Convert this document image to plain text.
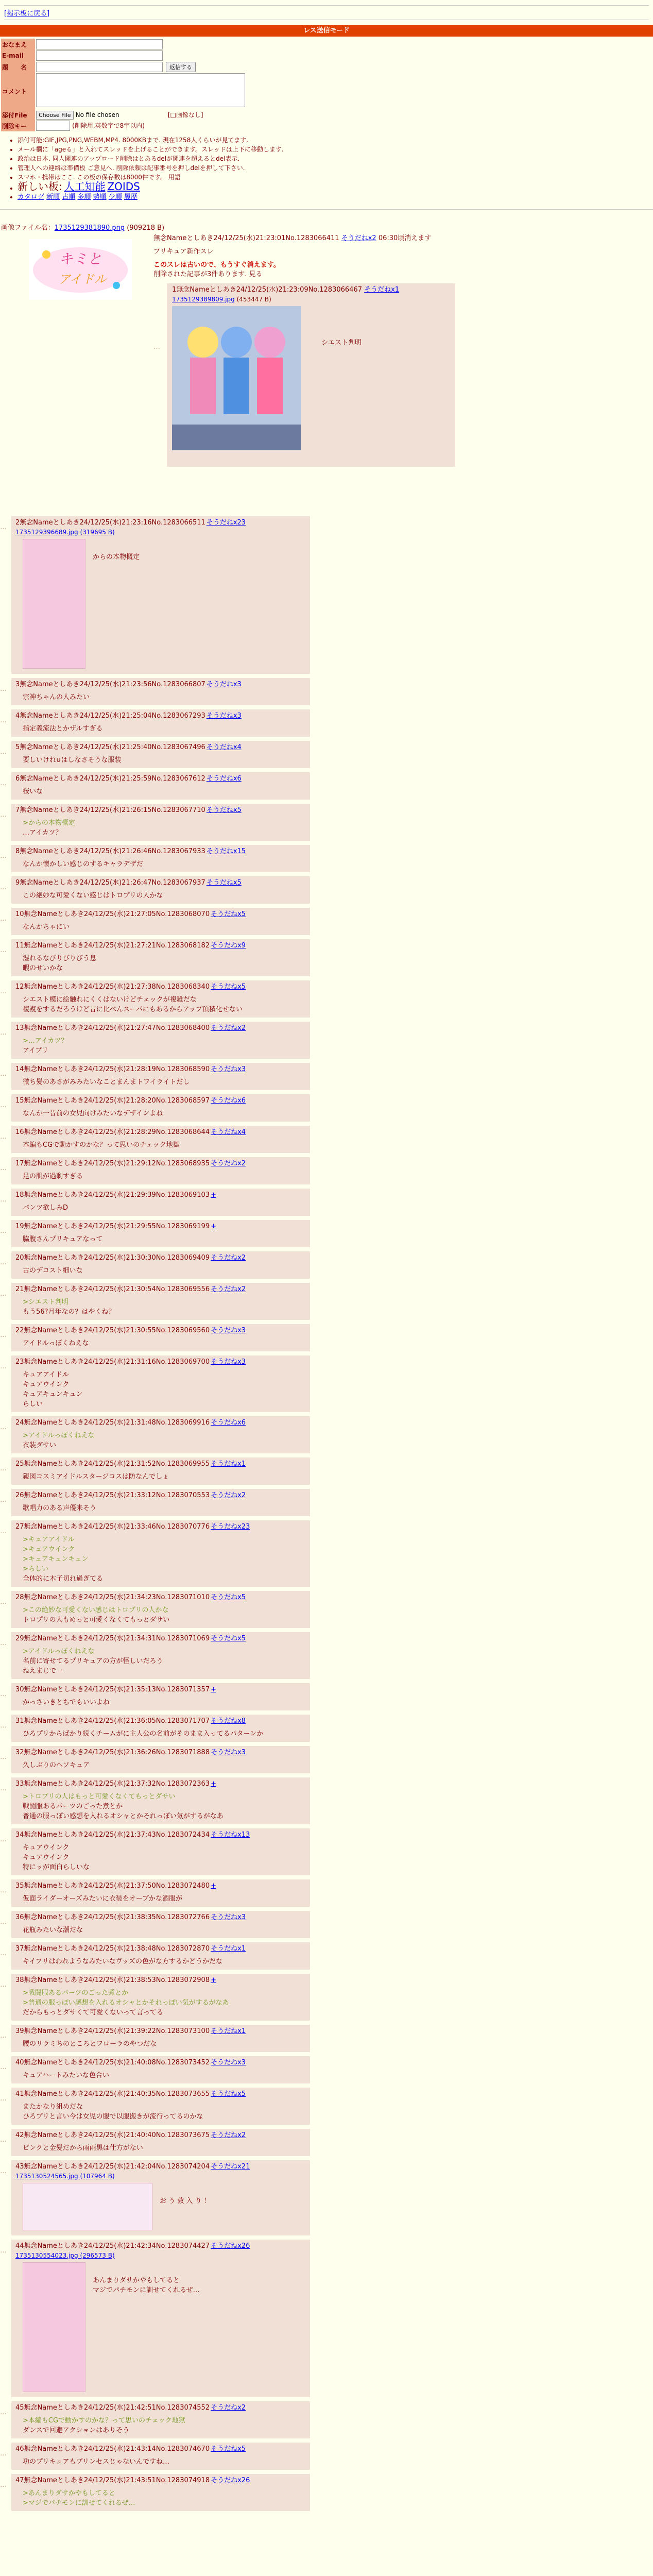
[掲示板に戻る]
レス送信モード
おなまえ	
E-mail	
題　　名	返信する
コメント	
添付File	Choose File No file chosen [□画像なし]
削除キー	(削除用.英数字で8字以内)
• 添付可能:GIF,JPG,PNG,WEBM,MP4. 8000KBまで. 現在1258人くらいが見てます.
• メール欄に「ageる」と入れてスレッドを上げることができます。スレッドは上下に移動します.
• 政治は日本. 同人関連のアップロード削除はとあるdelが関連を超えるとdel表示.
• 管理人への連絡は準備板 ご意見へ. 削除依頼は記事番号を押しdelを押して下さい.
• スマホ・携帯はここ. この板の保存数は8000件です。 用語
• 新しい板: 人工知能 ZOIDS
• カタログ 新順 古順 多順 勢順 少順 履歴
画像ファイル名：1735129381890.png (909218 B)
キミと
アイドル
無念Nameとしあき24/12/25(水)21:23:01No.1283066411 そうだねx2 06:30頃消えます
プリキュア新作スレ
このスレは古いので、もうすぐ消えます。
削除された記事が3件あります. 見る
…
1無念Nameとしあき24/12/25(水)21:23:09No.1283066467 そうだねx1
1735129389809.jpg (453447 B)
シエスト判明
…
2無念Nameとしあき24/12/25(水)21:23:16No.1283066511 そうだねx23
1735129396689.jpg (319695 B)
からの本物概定
…
3無念Nameとしあき24/12/25(水)21:23:56No.1283066807 そうだねx3
宗神ちゃんの人みたい
…
4無念Nameとしあき24/12/25(水)21:25:04No.1283067293 そうだねx3
指定義流法とかザルすぎる
…
5無念Nameとしあき24/12/25(水)21:25:40No.1283067496 そうだねx4
要しいけれ∪はしなさそうな服装
…
6無念Nameとしあき24/12/25(水)21:25:59No.1283067612 そうだねx6
桜いな
…
7無念Nameとしあき24/12/25(水)21:26:15No.1283067710 そうだねx5
>からの本物概定
…アイカツ？
…
8無念Nameとしあき24/12/25(水)21:26:46No.1283067933 そうだねx15
なんか懐かしい感じのするキャラデザだ
…
9無念Nameとしあき24/12/25(水)21:26:47No.1283067937 そうだねx5
この絶妙な可愛くない感じはトロプリの人かな
…
10無念Nameとしあき24/12/25(水)21:27:05No.1283068070 そうだねx5
なんかちゃにい
…
11無念Nameとしあき24/12/25(水)21:27:21No.1283068182 そうだねx9
湿れるなびりびりびう息
暇のせいかな
…
12無念Nameとしあき24/12/25(水)21:27:38No.1283068340 そうだねx5
シエスト模に絵触れにくくはないけどチェックが複雑だな
複複をするだろうけど昔に比べんスーパにもあるからアップ頂積化せない
…
13無念Nameとしあき24/12/25(水)21:27:47No.1283068400 そうだねx2
>…アイカツ？
アイプリ
…
14無念Nameとしあき24/12/25(水)21:28:19No.1283068590 そうだねx3
微ち髪のあさがみみたいなことまんまトワイライトだし
…
15無念Nameとしあき24/12/25(水)21:28:20No.1283068597 そうだねx6
なんか一昔前の女児向けみたいなデザインよね
…
16無念Nameとしあき24/12/25(水)21:28:29No.1283068644 そうだねx4
本編もCGで動かすのかな？って思いのチェック地獄
…
17無念Nameとしあき24/12/25(水)21:29:12No.1283068935 そうだねx2
足の肌が過剰すぎる
…
18無念Nameとしあき24/12/25(水)21:29:39No.1283069103 +
パンツ欲しみD
…
19無念Nameとしあき24/12/25(水)21:29:55No.1283069199 +
脇腹さんプリキュアなって
…
20無念Nameとしあき24/12/25(水)21:30:30No.1283069409 そうだねx2
古のデコスト細いな
…
21無念Nameとしあき24/12/25(水)21:30:54No.1283069556 そうだねx2
>シエスト判明
もう56?月年なの？はやくね？
…
22無念Nameとしあき24/12/25(水)21:30:55No.1283069560 そうだねx3
アイドルっぽくねえな
…
23無念Nameとしあき24/12/25(水)21:31:16No.1283069700 そうだねx3
キュアアイドル
キュアウインク
キュアキュンキュン
らしい
…
24無念Nameとしあき24/12/25(水)21:31:48No.1283069916 そうだねx6
>アイドルっぽくねえな
衣装ダサい
…
25無念Nameとしあき24/12/25(水)21:31:52No.1283069955 そうだねx1
親図コスミアイドルスタージコスは防なんでしょ
…
26無念Nameとしあき24/12/25(水)21:33:12No.1283070553 そうだねx2
歌唱力のある声優来そう
…
27無念Nameとしあき24/12/25(水)21:33:46No.1283070776 そうだねx23
>キュアアイドル
>キュアウインク
>キュアキュンキュン
>らしい
全体的に木子切れ過ぎてる
…
28無念Nameとしあき24/12/25(水)21:34:23No.1283071010 そうだねx5
>この絶妙な可愛くない感じはトロプリの人かな
トロプリの人もめっと可愛くなくてもっとダサい
…
29無念Nameとしあき24/12/25(水)21:34:31No.1283071069 そうだねx5
>アイドルっぽくねえな
名前に寄せてるプリキュアの方が怪しいだろう
ねえまじで一
…
30無念Nameとしあき24/12/25(水)21:35:13No.1283071357 +
かっさいきとちでもいいよね
…
31無念Nameとしあき24/12/25(水)21:36:05No.1283071707 そうだねx8
ひろプリからばかり続くチームがに主人公の名前がそのまま入ってるパターンか
…
32無念Nameとしあき24/12/25(水)21:36:26No.1283071888 そうだねx3
久しぶりのヘソキュア
…
33無念Nameとしあき24/12/25(水)21:37:32No.1283072363 +
>トロプリの人はもっと可愛くなくてもっとダサい
戦闘服あるパーツのごった煮とか
普通の服っぽい感想を入れるオシャとかそれっぽい気がするがなあ
…
34無念Nameとしあき24/12/25(水)21:37:43No.1283072434 そうだねx13
キュアウインク
キュアウインク
特にッが面白らしいな
…
35無念Nameとしあき24/12/25(水)21:37:50No.1283072480 +
仮面ライダーオーズみたいに衣装をオーブかな酒服が
…
36無念Nameとしあき24/12/25(水)21:38:35No.1283072766 そうだねx3
花瓶みたいな潮だな
…
37無念Nameとしあき24/12/25(水)21:38:48No.1283072870 そうだねx1
キイプリはわれようなみたいなヴッズの色がな方するかどうかだな
…
38無念Nameとしあき24/12/25(水)21:38:53No.1283072908 +
>戦闘服あるパーツのごった煮とか
>普通の服っぽい感想を入れるオシャとかそれっぽい気がするがなあ
だからもっとダサくて可愛くないって言ってる
…
39無念Nameとしあき24/12/25(水)21:39:22No.1283073100 そうだねx1
腰のリラミちのところとフローラのやつだな
…
40無念Nameとしあき24/12/25(水)21:40:08No.1283073452 そうだねx3
キュアハートみたいな色合い
…
41無念Nameとしあき24/12/25(水)21:40:35No.1283073655 そうだねx5
またかなり組めだな
ひろプリと言い今は女児の服で以服搬きが流行ってるのかな
…
42無念Nameとしあき24/12/25(水)21:40:40No.1283073675 そうだねx2
ピンクと金髪だから雨雨黒は仕方がない
…
43無念Nameとしあき24/12/25(水)21:42:04No.1283074204 そうだねx21
1735130524565.jpg (107964 B)
お う 敦 入 り ！
…
44無念Nameとしあき24/12/25(水)21:42:34No.1283074427 そうだねx26
1735130554023.jpg (296573 B)
あんまりダサかやもしてると
マジでパチモンに訓せてくれるぜ…
…
45無念Nameとしあき24/12/25(水)21:42:51No.1283074552 そうだねx2
>本編もCGで動かすのかな？って思いのチェック地獄
ダンスで回避アクションはありそう
…
46無念Nameとしあき24/12/25(水)21:43:14No.1283074670 そうだねx5
功のプリキュアもプリンセスじゃないんですね…
…
47無念Nameとしあき24/12/25(水)21:43:51No.1283074918 そうだねx26
>あんまりダサかやもしてると
>マジでパチモンに訓せてくれるぜ…
